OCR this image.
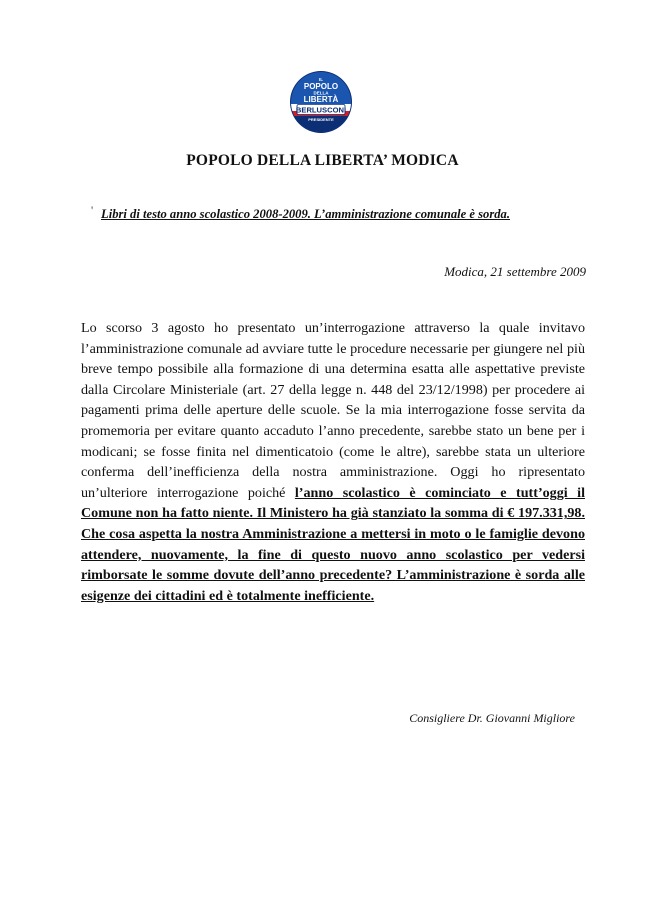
IL
POPOLO
DELLA
LIBERTÀ
BERLUSCONI
PRESIDENTE
POPOLO DELLA LIBERTA’ MODICA
' Libri di testo anno scolastico 2008-2009. L’amministrazione comunale è sorda.
Modica, 21 settembre 2009
Lo scorso 3 agosto ho presentato un’interrogazione attraverso la quale invitavo l’amministrazione comunale ad avviare tutte le procedure necessarie per giungere nel più breve tempo possibile alla formazione di una determina esatta alle aspettative previste dalla Circolare Ministeriale (art. 27 della legge n. 448 del 23/12/1998) per procedere ai pagamenti prima delle aperture delle scuole. Se la mia interrogazione fosse servita da promemoria per evitare quanto accaduto l’anno precedente, sarebbe stato un bene per i modicani; se fosse finita nel dimenticatoio (come le altre), sarebbe stata un ulteriore conferma dell’inefficienza della nostra amministrazione. Oggi ho ripresentato un’ulteriore interrogazione poiché l’anno scolastico è cominciato e tutt’oggi il Comune non ha fatto niente. Il Ministero ha già stanziato la somma di € 197.331,98. Che cosa aspetta la nostra Amministrazione a mettersi in moto o le famiglie devono attendere, nuovamente, la fine di questo nuovo anno scolastico per vedersi rimborsate le somme dovute dell’anno precedente? L’amministrazione è sorda alle esigenze dei cittadini ed è totalmente inefficiente.
Consigliere Dr. Giovanni Migliore
